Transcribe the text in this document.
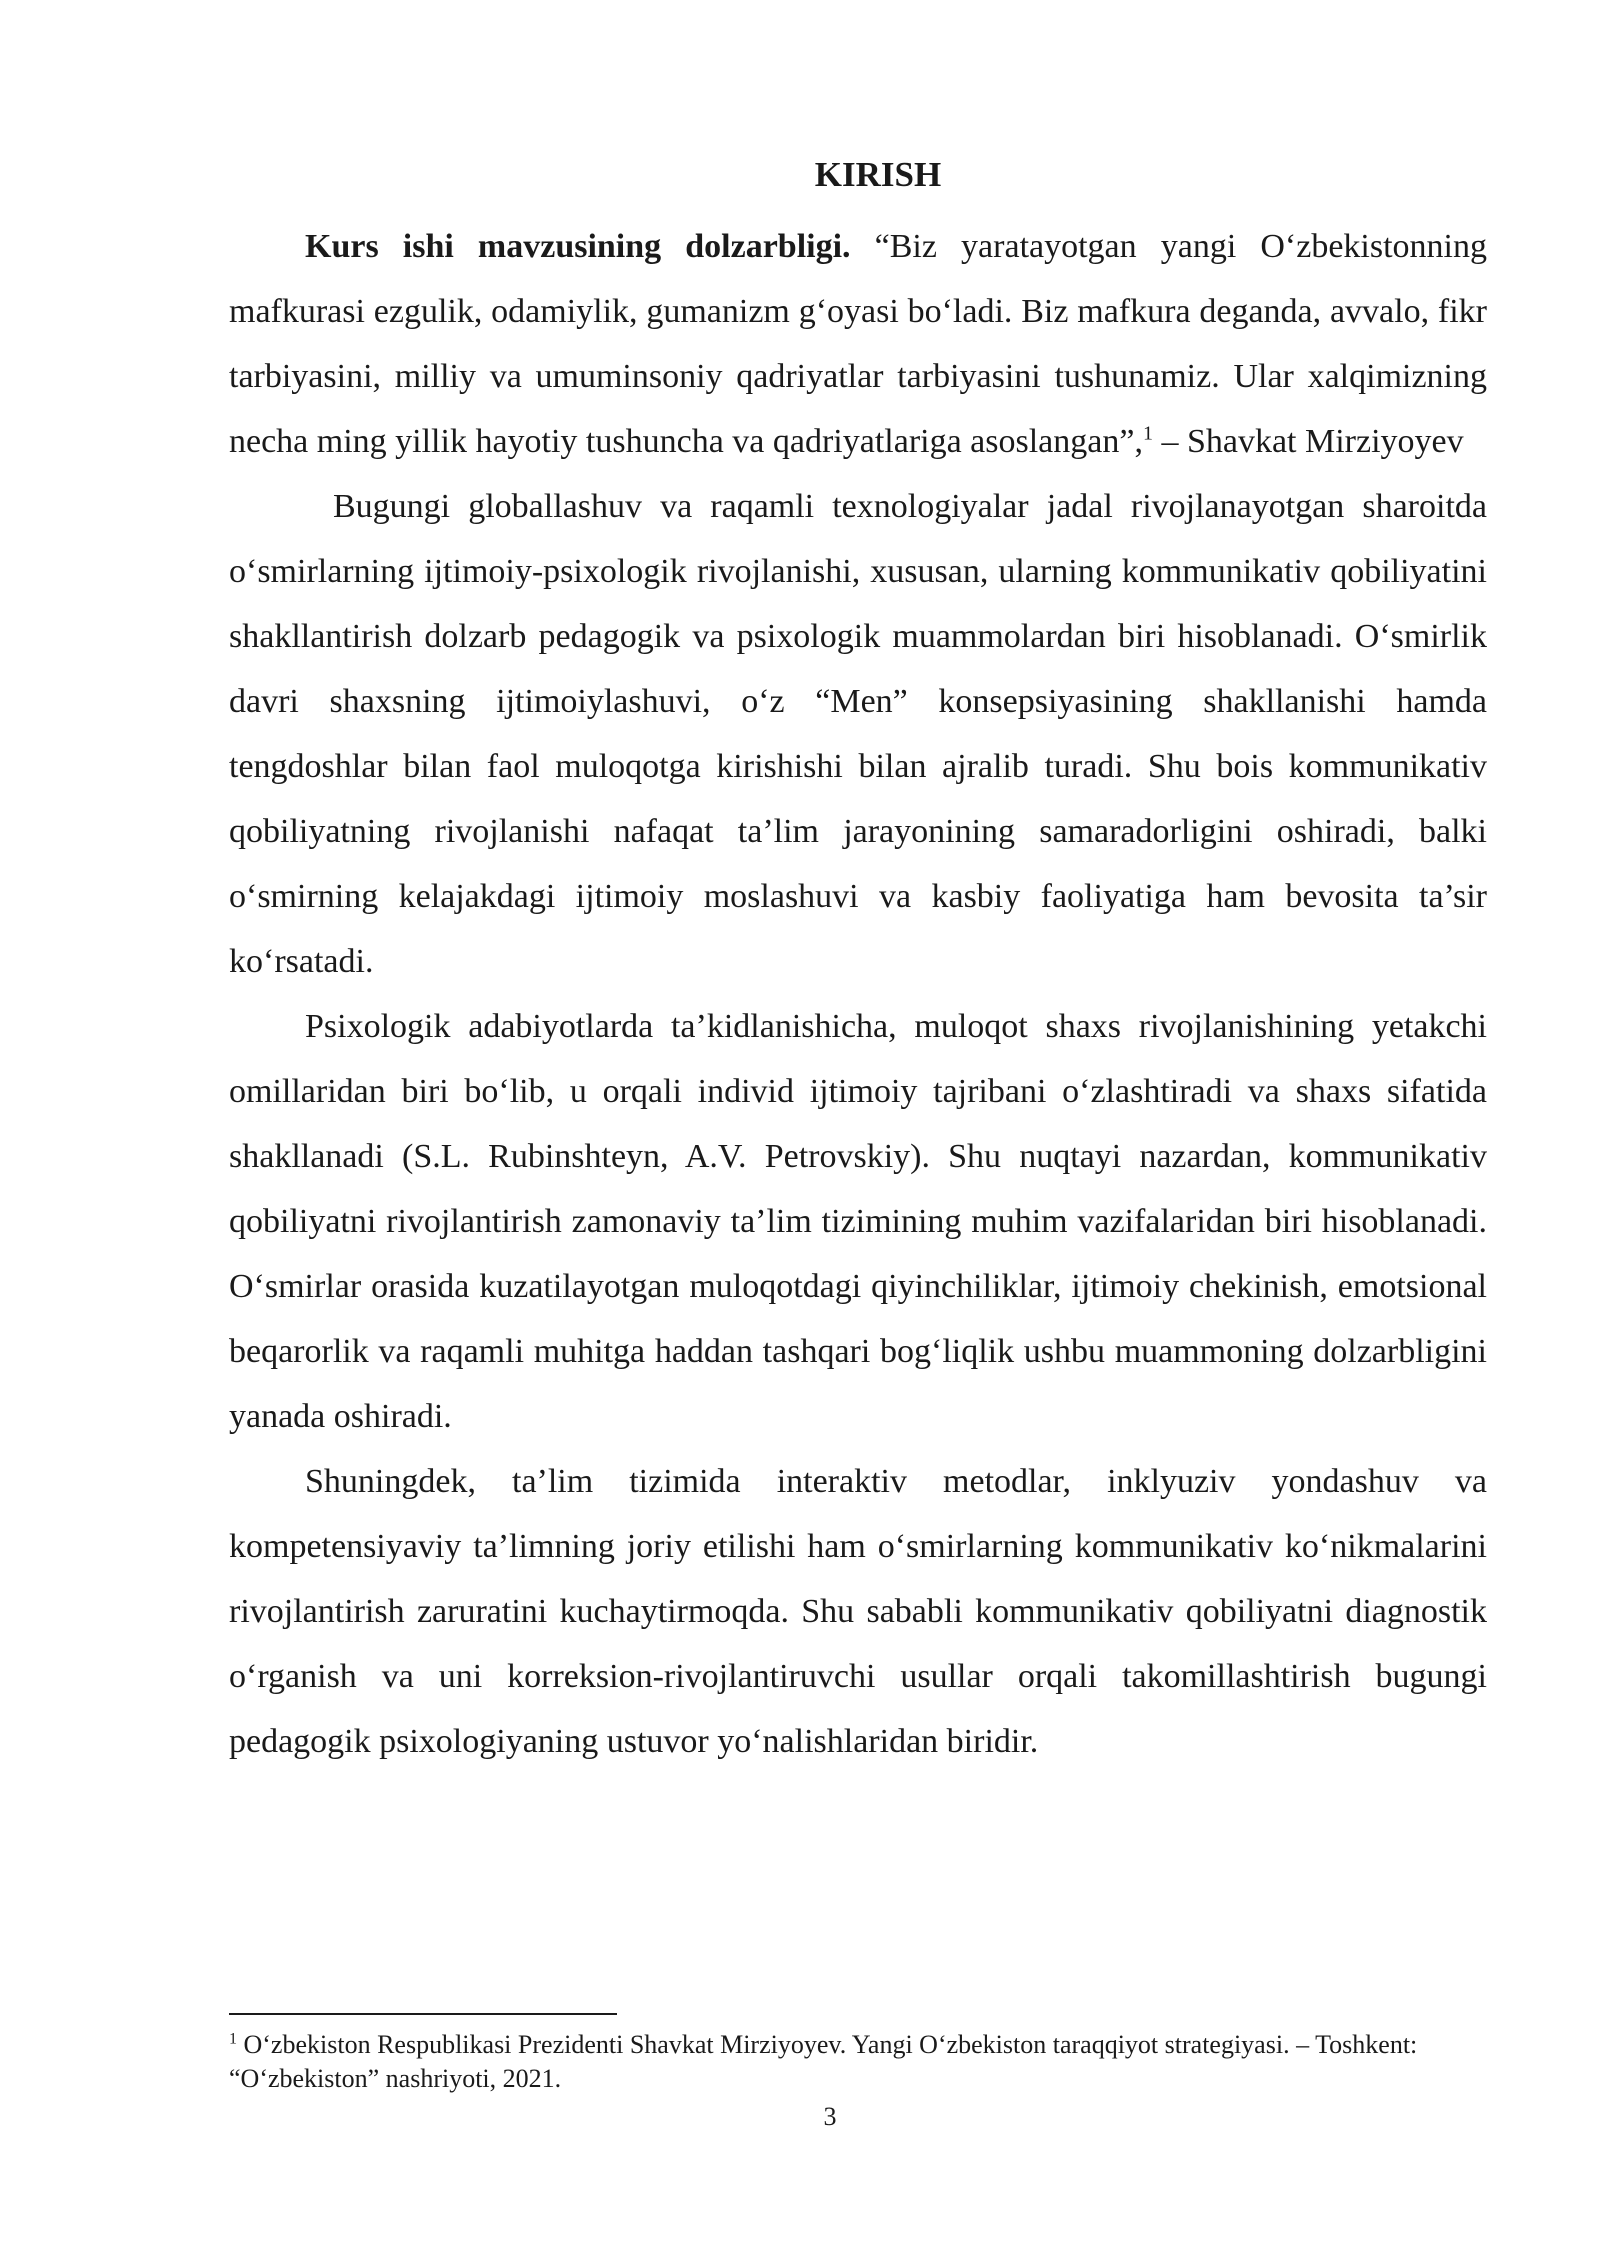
KIRISH

Kurs ishi mavzusining dolzarbligi. “Biz yaratayotgan yangi O‘zbekistonning mafkurasi ezgulik, odamiylik, gumanizm g‘oyasi bo‘ladi. Biz mafkura deganda, avvalo, fikr tarbiyasini, milliy va umuminsoniy qadriyatlar tarbiyasini tushunamiz. Ular xalqimizning necha ming yillik hayotiy tushuncha va qadriyatlariga asoslangan”,$^1$ – Shavkat Mirziyoyev

Bugungi globallashuv va raqamli texnologiyalar jadal rivojlanayotgan sharoitda o‘smirlarning ijtimoiy-psixologik rivojlanishi, xususan, ularning kommunikativ qobiliyatini shakllantirish dolzarb pedagogik va psixologik muammolardan biri hisoblanadi. O‘smirlik davri shaxsning ijtimoiylashuvi, o‘z “Men” konsepsiyasining shakllanishi hamda tengdoshlar bilan faol muloqotga kirishishi bilan ajralib turadi. Shu bois kommunikativ qobiliyatning rivojlanishi nafaqat ta’lim jarayonining samaradorligini oshiradi, balki o‘smirning kelajakdagi ijtimoiy moslashuvi va kasbiy faoliyatiga ham bevosita ta’sir ko‘rsatadi.

Psixologik adabiyotlarda ta’kidlanishicha, muloqot shaxs rivojlanishining yetakchi omillaridan biri bo‘lib, u orqali individ ijtimoiy tajribani o‘zlashtiradi va shaxs sifatida shakllanadi (S.L. Rubinshteyn, A.V. Petrovskiy). Shu nuqtayi nazardan, kommunikativ qobiliyatni rivojlantirish zamonaviy ta’lim tizimining muhim vazifalaridan biri hisoblanadi. O‘smirlar orasida kuzatilayotgan muloqotdagi qiyinchiliklar, ijtimoiy chekinish, emotsional beqarorlik va raqamli muhitga haddan tashqari bog‘liqlik ushbu muammoning dolzarbligini yanada oshiradi.

Shuningdek, ta’lim tizimida interaktiv metodlar, inklyuziv yondashuv va kompetensiyaviy ta’limning joriy etilishi ham o‘smirlarning kommunikativ ko‘nikmalarini rivojlantirish zaruratini kuchaytirmoqda. Shu sababli kommunikativ qobiliyatni diagnostik o‘rganish va uni korreksion-rivojlantiruvchi usullar orqali takomillashtirish bugungi pedagogik psixologiyaning ustuvor yo‘nalishlaridan biridir.

$^1$ O‘zbekiston Respublikasi Prezidenti Shavkat Mirziyoyev. Yangi O‘zbekiston taraqqiyot strategiyasi. – Toshkent: “O‘zbekiston” nashriyoti, 2021.
3
